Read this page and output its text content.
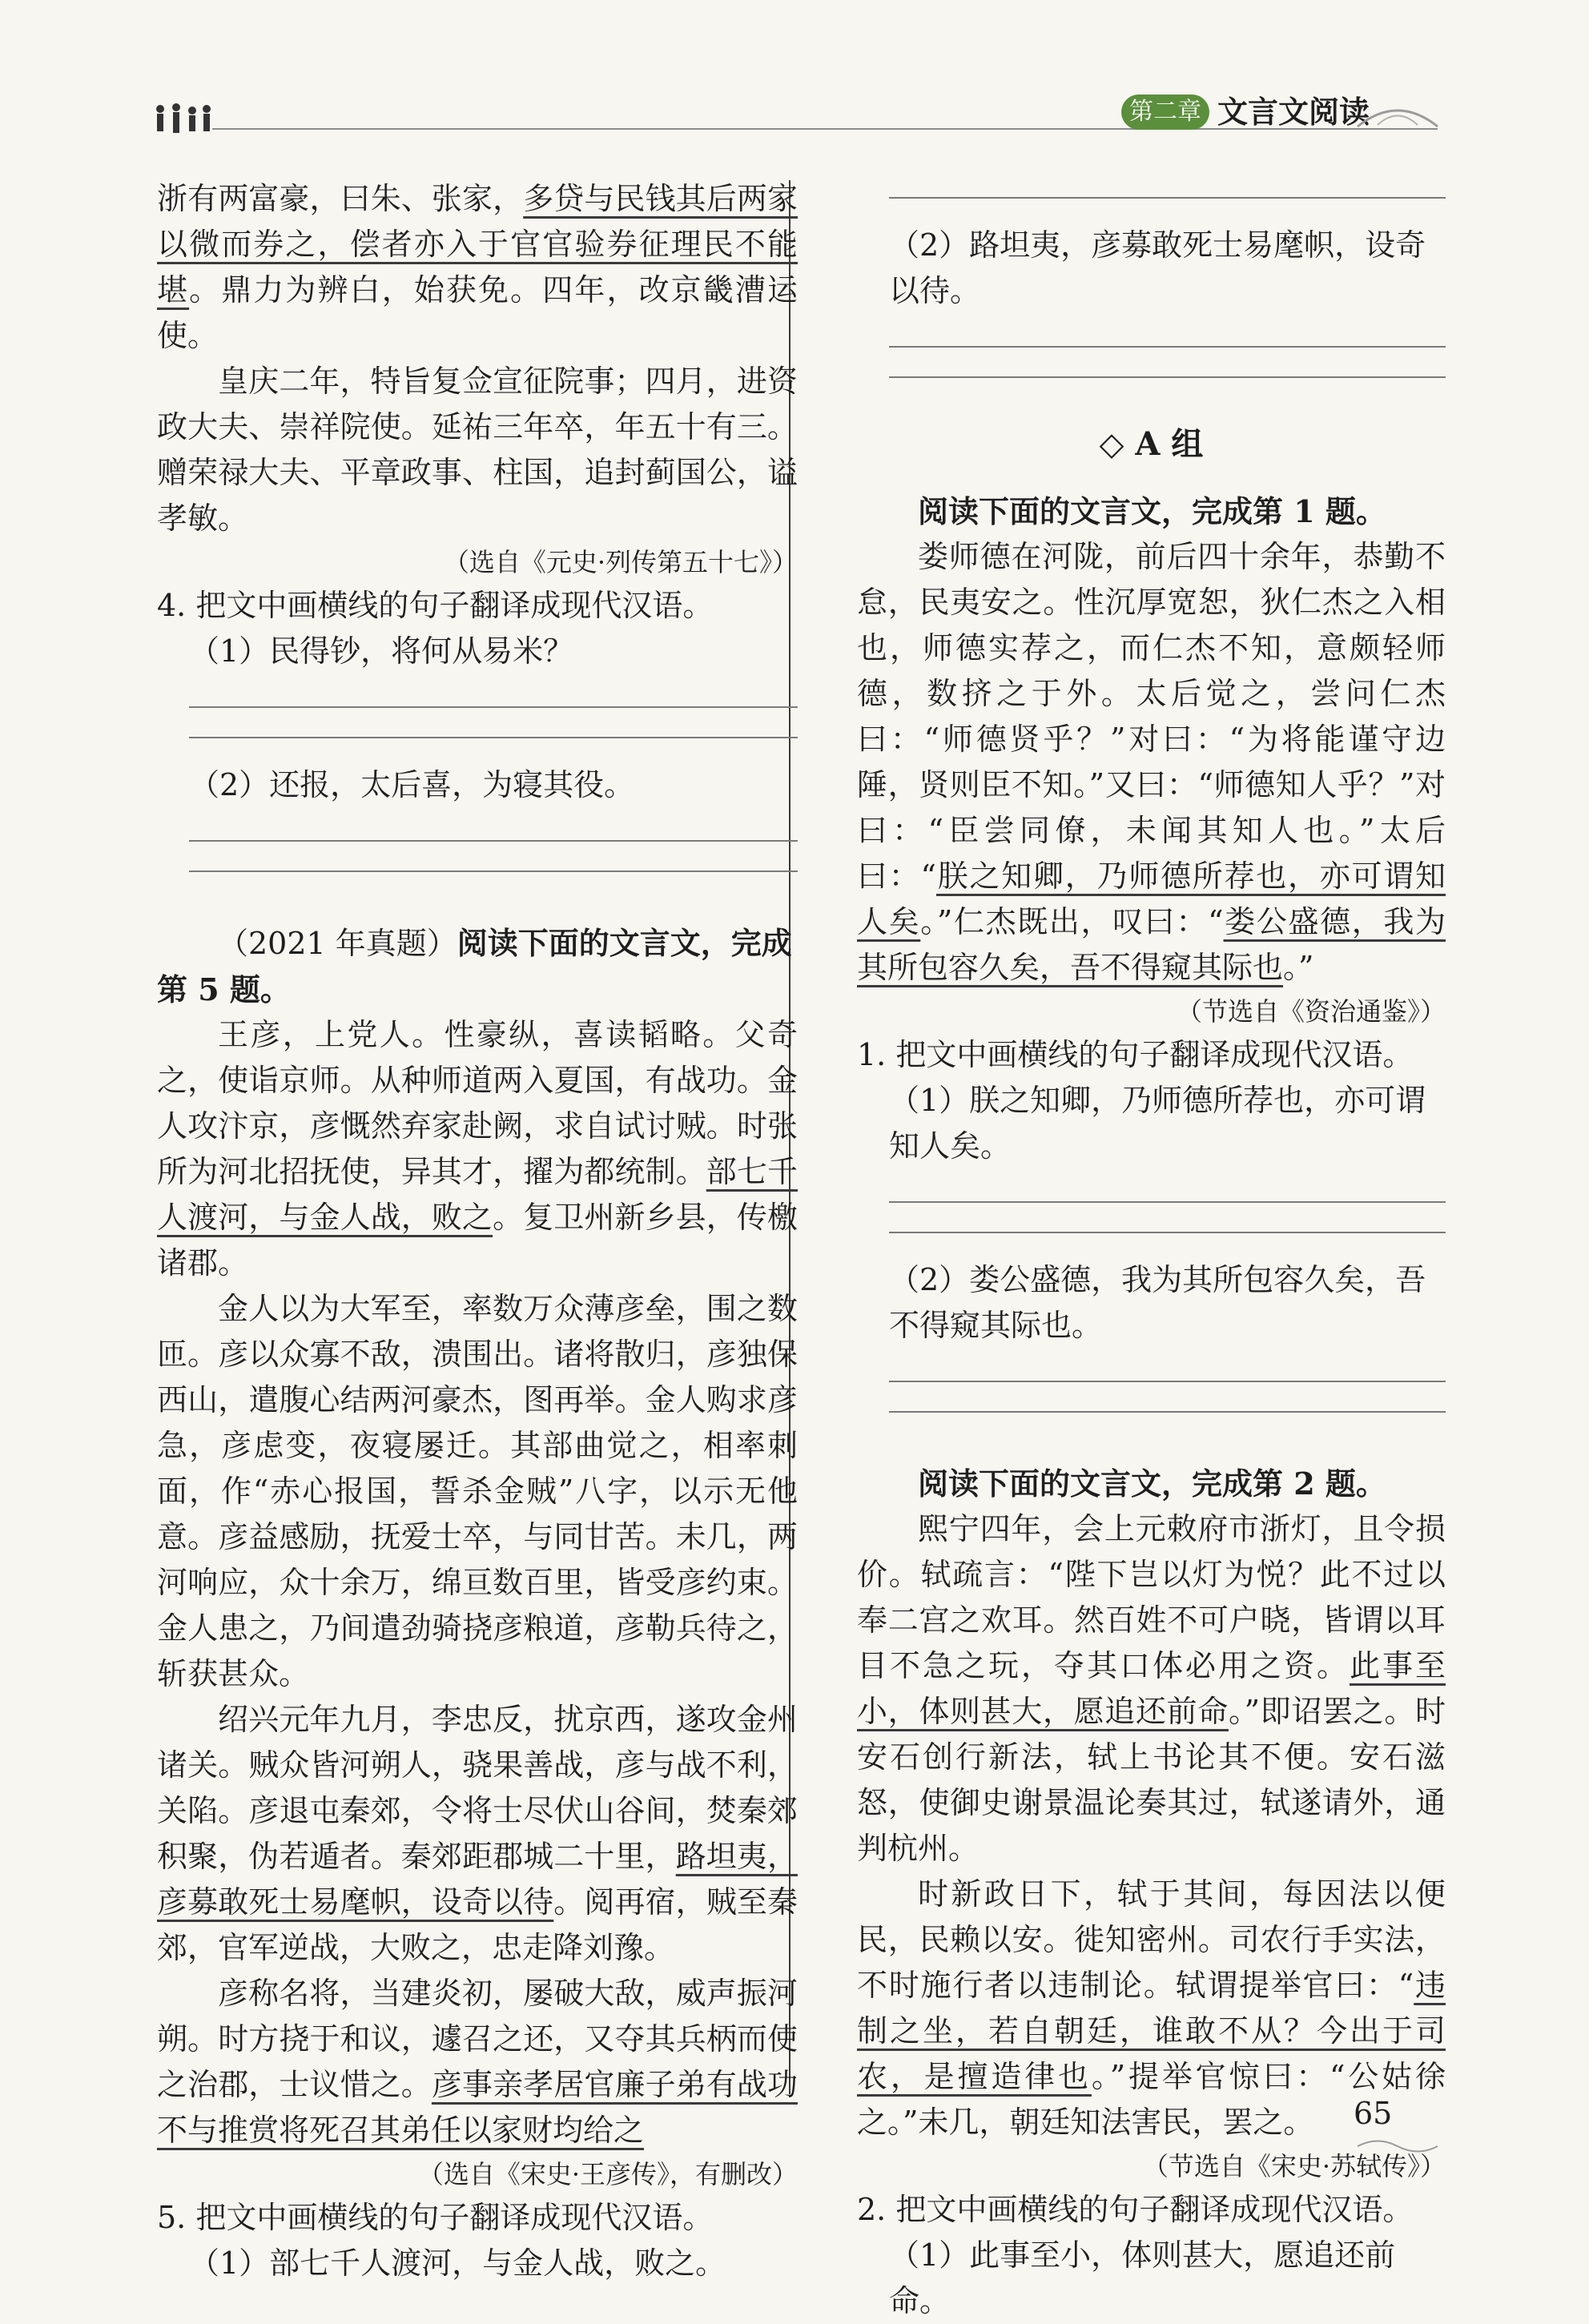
第二章 文言文阅读

浙有两富豪，曰朱、张家，多贷与民钱其后两家以微而券之，偿者亦入于官官验券征理民不能堪。鼎力为辨白，始获免。四年，改京畿漕运使。

皇庆二年，特旨复佥宣征院事；四月，进资政大夫、崇祥院使。延祐三年卒，年五十有三。赠荣禄大夫、平章政事、柱国，追封蓟国公，谥孝敏。

（选自《元史·列传第五十七》）

4. 把文中画横线的句子翻译成现代汉语。

（1）民得钞，将何从易米？

（2）还报，太后喜，为寝其役。

（2021 年真题）阅读下面的文言文，完成第 5 题。

王彦，上党人。性豪纵，喜读韬略。父奇之，使诣京师。从种师道两入夏国，有战功。金人攻汴京，彦慨然弃家赴阙，求自试讨贼。时张所为河北招抚使，异其才，擢为都统制。部七千人渡河，与金人战，败之。复卫州新乡县，传檄诸郡。

金人以为大军至，率数万众薄彦垒，围之数匝。彦以众寡不敌，溃围出。诸将散归，彦独保西山，遣腹心结两河豪杰，图再举。金人购求彦急，彦虑变，夜寝屡迁。其部曲觉之，相率刺面，作“赤心报国，誓杀金贼”八字，以示无他意。彦益感励，抚爱士卒，与同甘苦。未几，两河响应，众十余万，绵亘数百里，皆受彦约束。金人患之，乃间遣劲骑挠彦粮道，彦勒兵待之，斩获甚众。

绍兴元年九月，李忠反，扰京西，遂攻金州诸关。贼众皆河朔人，骁果善战，彦与战不利，关陷。彦退屯秦郊，令将士尽伏山谷间，焚秦郊积聚，伪若遁者。秦郊距郡城二十里，路坦夷，彦募敢死士易麾帜，设奇以待。阅再宿，贼至秦郊，官军逆战，大败之，忠走降刘豫。

彦称名将，当建炎初，屡破大敌，威声振河朔。时方挠于和议，遽召之还，又夺其兵柄而使之治郡，士议惜之。彦事亲孝居官廉子弟有战功不与推赏将死召其弟任以家财均给之

（选自《宋史·王彦传》，有删改）

5. 把文中画横线的句子翻译成现代汉语。

（1）部七千人渡河，与金人战，败之。

（2）路坦夷，彦募敢死士易麾帜，设奇以待。

◇ A 组

阅读下面的文言文，完成第 1 题。

娄师德在河陇，前后四十余年，恭勤不怠，民夷安之。性沉厚宽恕，狄仁杰之入相也，师德实荐之，而仁杰不知，意颇轻师德，数挤之于外。太后觉之，尝问仁杰曰：“师德贤乎？”对曰：“为将能谨守边陲，贤则臣不知。”又曰：“师德知人乎？”对曰：“臣尝同僚，未闻其知人也。”太后曰：“朕之知卿，乃师德所荐也，亦可谓知人矣。”仁杰既出，叹曰：“娄公盛德，我为其所包容久矣，吾不得窥其际也。”

（节选自《资治通鉴》）

1. 把文中画横线的句子翻译成现代汉语。

（1）朕之知卿，乃师德所荐也，亦可谓知人矣。

（2）娄公盛德，我为其所包容久矣，吾不得窥其际也。

阅读下面的文言文，完成第 2 题。

熙宁四年，会上元敕府市浙灯，且令损价。轼疏言：“陛下岂以灯为悦？此不过以奉二宫之欢耳。然百姓不可户晓，皆谓以耳目不急之玩，夺其口体必用之资。此事至小，体则甚大，愿追还前命。”即诏罢之。时安石创行新法，轼上书论其不便。安石滋怒，使御史谢景温论奏其过，轼遂请外，通判杭州。

时新政日下，轼于其间，每因法以便民，民赖以安。徙知密州。司农行手实法，不时施行者以违制论。轼谓提举官曰：“违制之坐，若自朝廷，谁敢不从？今出于司农，是擅造律也。”提举官惊曰：“公姑徐之。”未几，朝廷知法害民，罢之。

（节选自《宋史·苏轼传》）

2. 把文中画横线的句子翻译成现代汉语。

（1）此事至小，体则甚大，愿追还前命。

65
